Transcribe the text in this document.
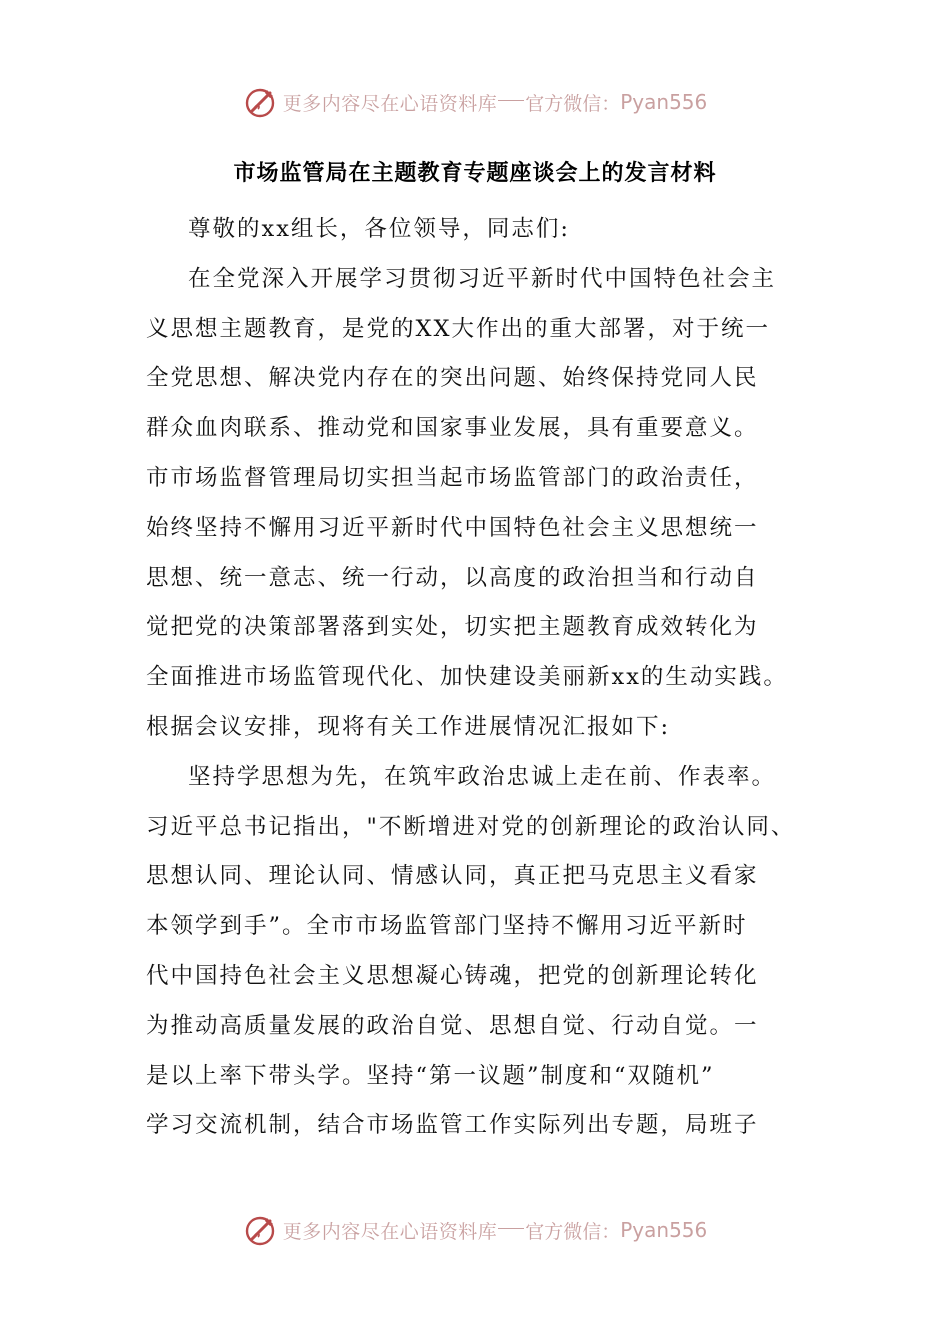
更多内容尽在心语资料库 官方微信： Pyan556
市场监管局在主题教育专题座谈会上的发言材料
尊敬的xx组长，各位领导，同志们:
在全党深入开展学习贯彻习近平新时代中国特色社会主
义思想主题教育，是党的XX大作出的重大部署，对于统一
全党思想、解决党内存在的突出问题、始终保持党同人民
群众血肉联系、推动党和国家事业发展，具有重要意义。
市市场监督管理局切实担当起市场监管部门的政治责任，
始终坚持不懈用习近平新时代中国特色社会主义思想统一
思想、统一意志、统一行动，以高度的政治担当和行动自
觉把党的决策部署落到实处，切实把主题教育成效转化为
全面推进市场监管现代化、加快建设美丽新xx的生动实践。
根据会议安排，现将有关工作进展情况汇报如下:
坚持学思想为先，在筑牢政治忠诚上走在前、作表率。
习近平总书记指出，"不断增进对党的创新理论的政治认同、
思想认同、理论认同、情感认同，真正把马克思主义看家
本领学到手”。全市市场监管部门坚持不懈用习近平新时
代中国持色社会主义思想凝心铸魂，把党的创新理论转化
为推动高质量发展的政治自觉、思想自觉、行动自觉。一
是以上率下带头学。坚持“第一议题”制度和“双随机”
学习交流机制，结合市场监管工作实际列出专题，局班子
更多内容尽在心语资料库 官方微信： Pyan556
